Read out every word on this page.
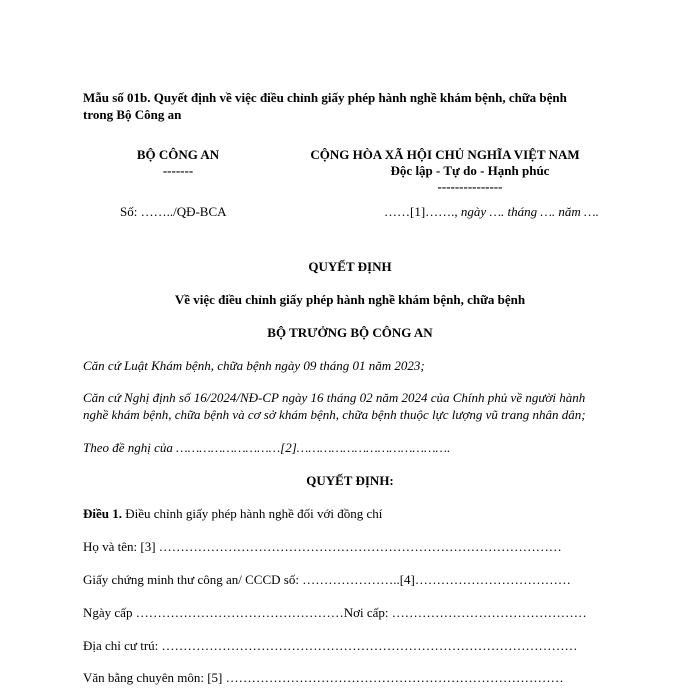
Mẫu số 01b. Quyết định về việc điều chỉnh giấy phép hành nghề khám bệnh, chữa bệnh
trong Bộ Công an
BỘ CÔNG AN
-------
CỘNG HÒA XÃ HỘI CHỦ NGHĨA VIỆT NAM
Độc lập - Tự do - Hạnh phúc
---------------
Số: ……../QĐ-BCA	……[1]……., ngày …. tháng …. năm ….
QUYẾT ĐỊNH
Về việc điều chỉnh giấy phép hành nghề khám bệnh, chữa bệnh
BỘ TRƯỞNG BỘ CÔNG AN
Căn cứ Luật Khám bệnh, chữa bệnh ngày 09 tháng 01 năm 2023;
Căn cứ Nghị định số 16/2024/NĐ-CP ngày 16 tháng 02 năm 2024 của Chính phủ về người hành
nghề khám bệnh, chữa bệnh và cơ sở khám bệnh, chữa bệnh thuộc lực lượng vũ trang nhân dân;
Theo đề nghị của ………………………[2]………………………………….
QUYẾT ĐỊNH:
Điều 1. Điều chỉnh giấy phép hành nghề đối với đồng chí
Họ và tên: [3] …………………………………………………………………………………
Giấy chứng minh thư công an/ CCCD số: …………………..[4]………………………………
Ngày cấp …………………………………………Nơi cấp: ………………………………………
Địa chỉ cư trú: ……………………………………………………………………………………
Văn bằng chuyên môn: [5] ……………………………………………………………………
